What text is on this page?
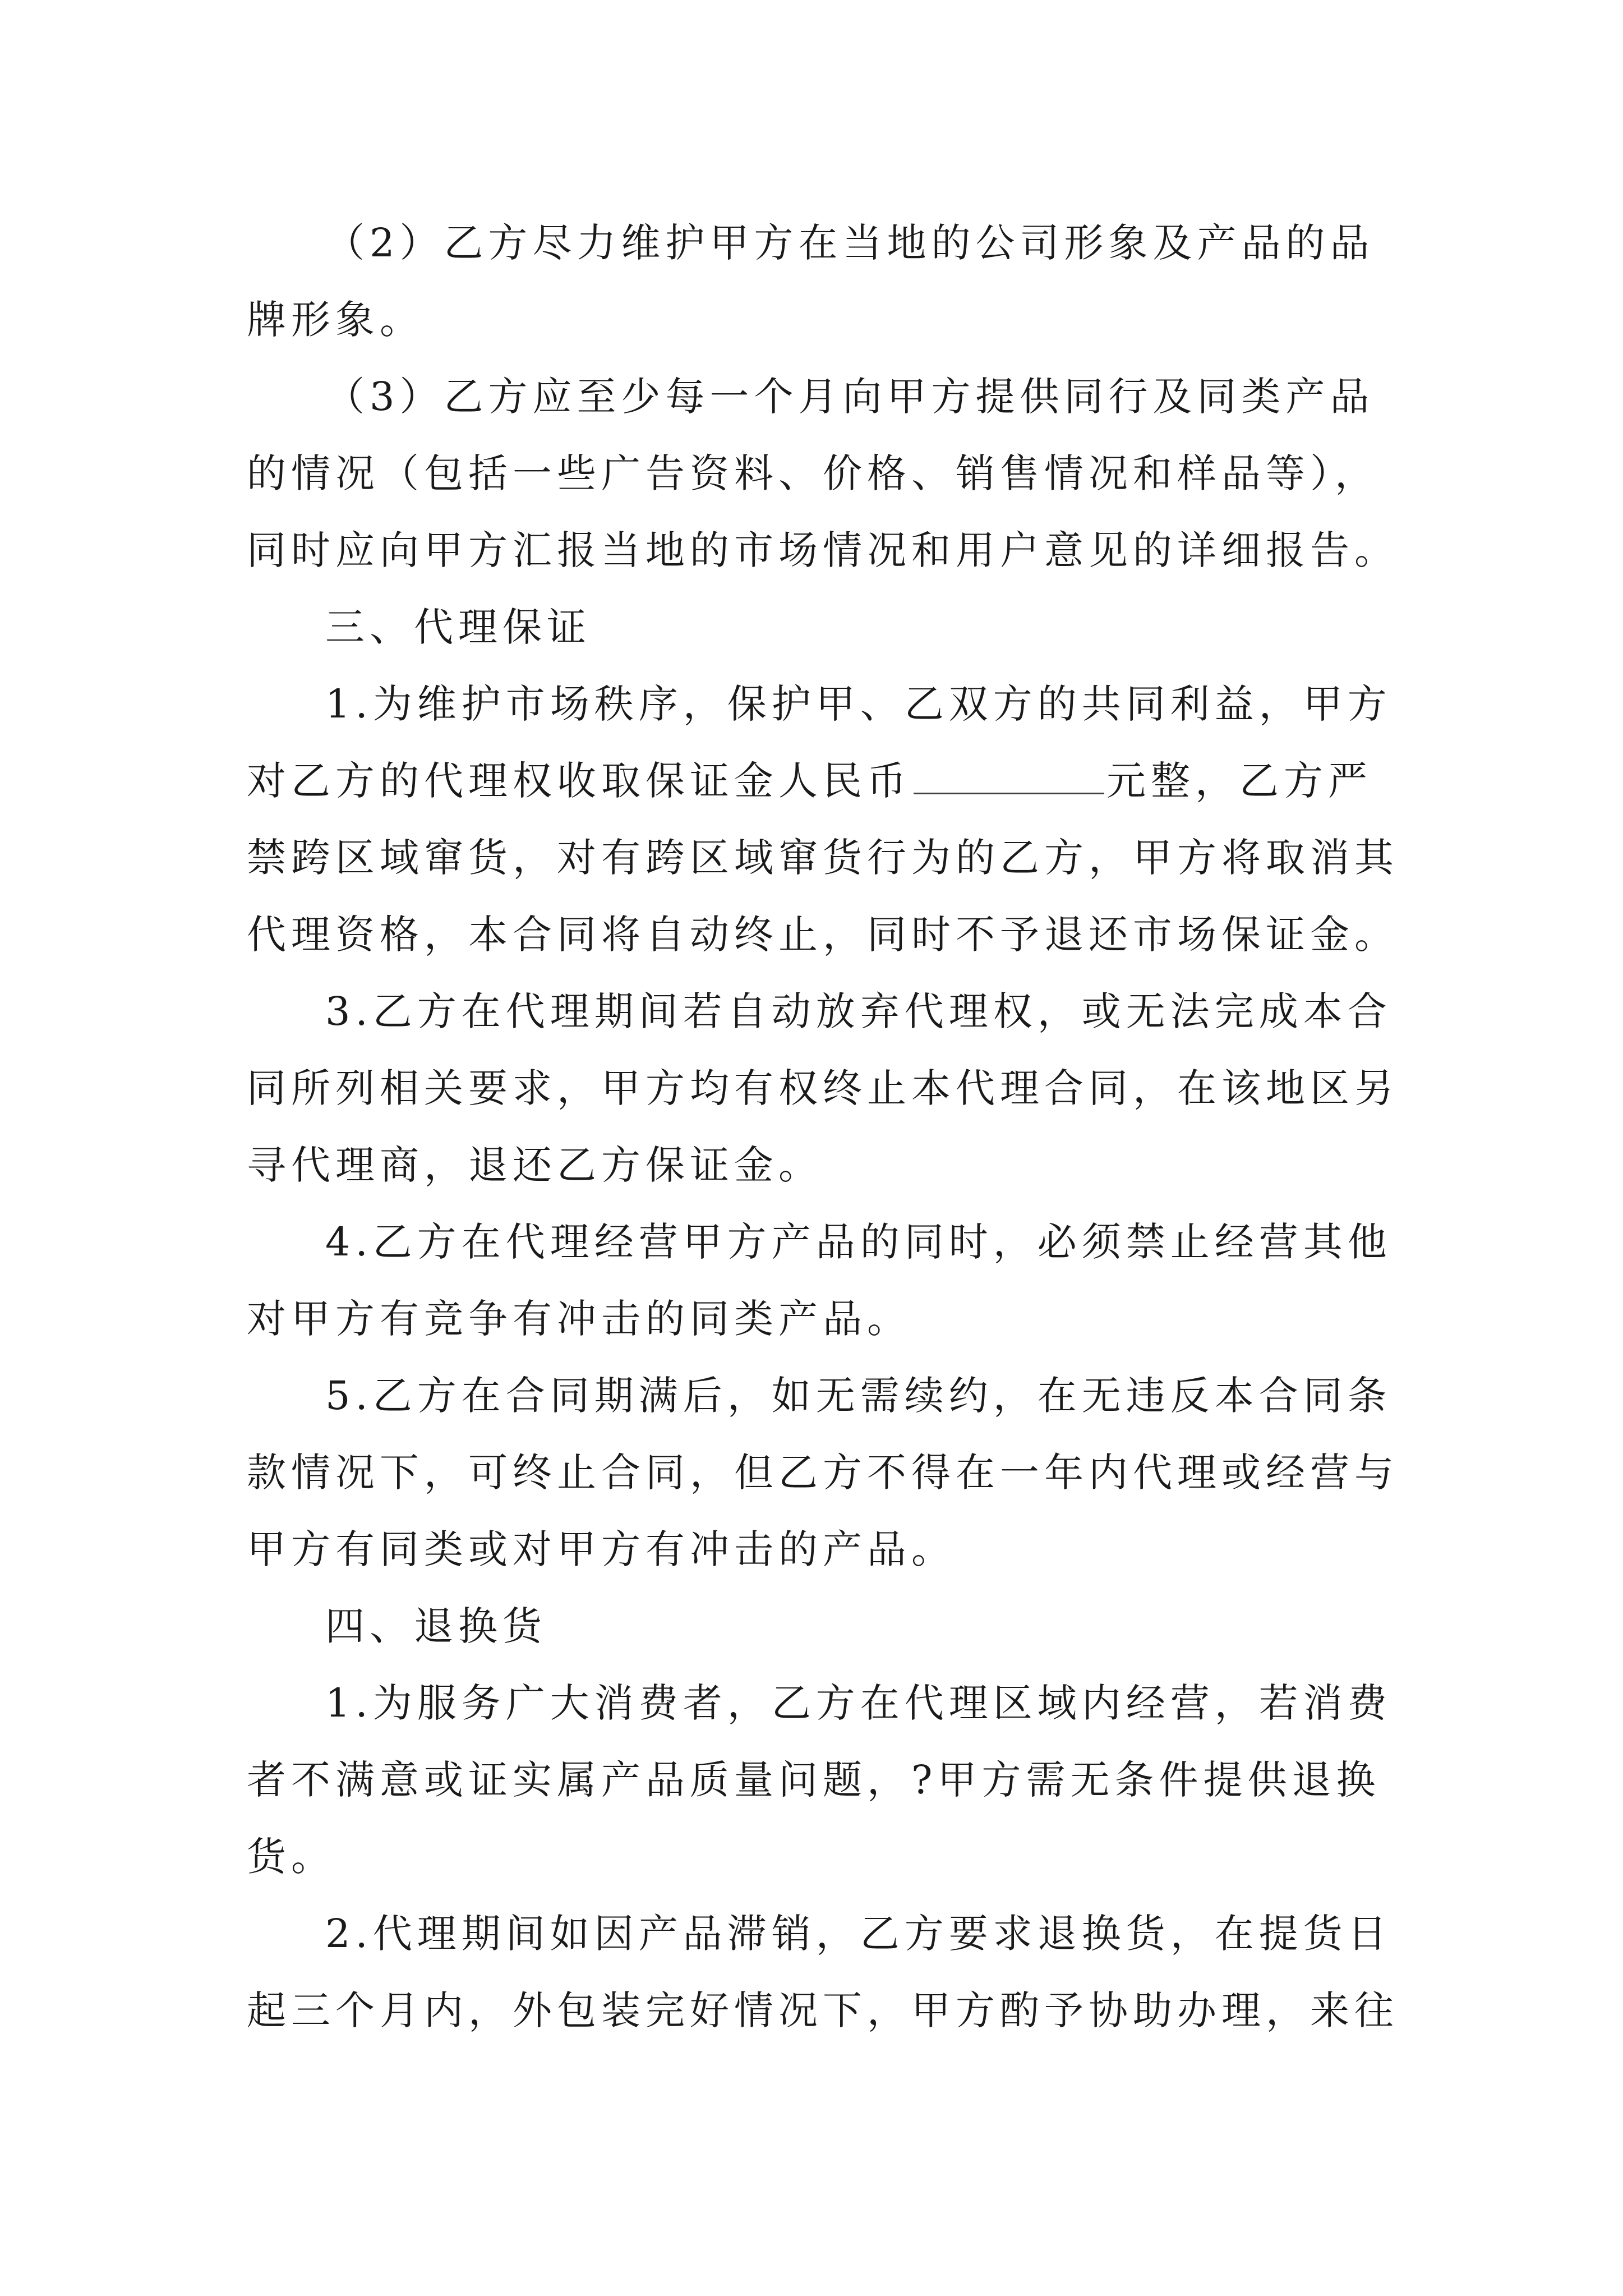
（2）乙方尽力维护甲方在当地的公司形象及产品的品
牌形象。
（3）乙方应至少每一个月向甲方提供同行及同类产品
的情况（包括一些广告资料、价格、销售情况和样品等），
同时应向甲方汇报当地的市场情况和用户意见的详细报告。
三、代理保证
1.为维护市场秩序，保护甲、乙双方的共同利益，甲方
对乙方的代理权收取保证金人民币	元整，乙方严
禁跨区域窜货，对有跨区域窜货行为的乙方，甲方将取消其
代理资格，本合同将自动终止，同时不予退还市场保证金。
3.乙方在代理期间若自动放弃代理权，或无法完成本合
同所列相关要求，甲方均有权终止本代理合同，在该地区另
寻代理商，退还乙方保证金。
4.乙方在代理经营甲方产品的同时，必须禁止经营其他
对甲方有竞争有冲击的同类产品。
5.乙方在合同期满后，如无需续约，在无违反本合同条
款情况下，可终止合同，但乙方不得在一年内代理或经营与
甲方有同类或对甲方有冲击的产品。
四、退换货
1.为服务广大消费者，乙方在代理区域内经营，若消费
者不满意或证实属产品质量问题，?甲方需无条件提供退换
货。
2.代理期间如因产品滞销，乙方要求退换货，在提货日
起三个月内，外包装完好情况下，甲方酌予协助办理，来往
